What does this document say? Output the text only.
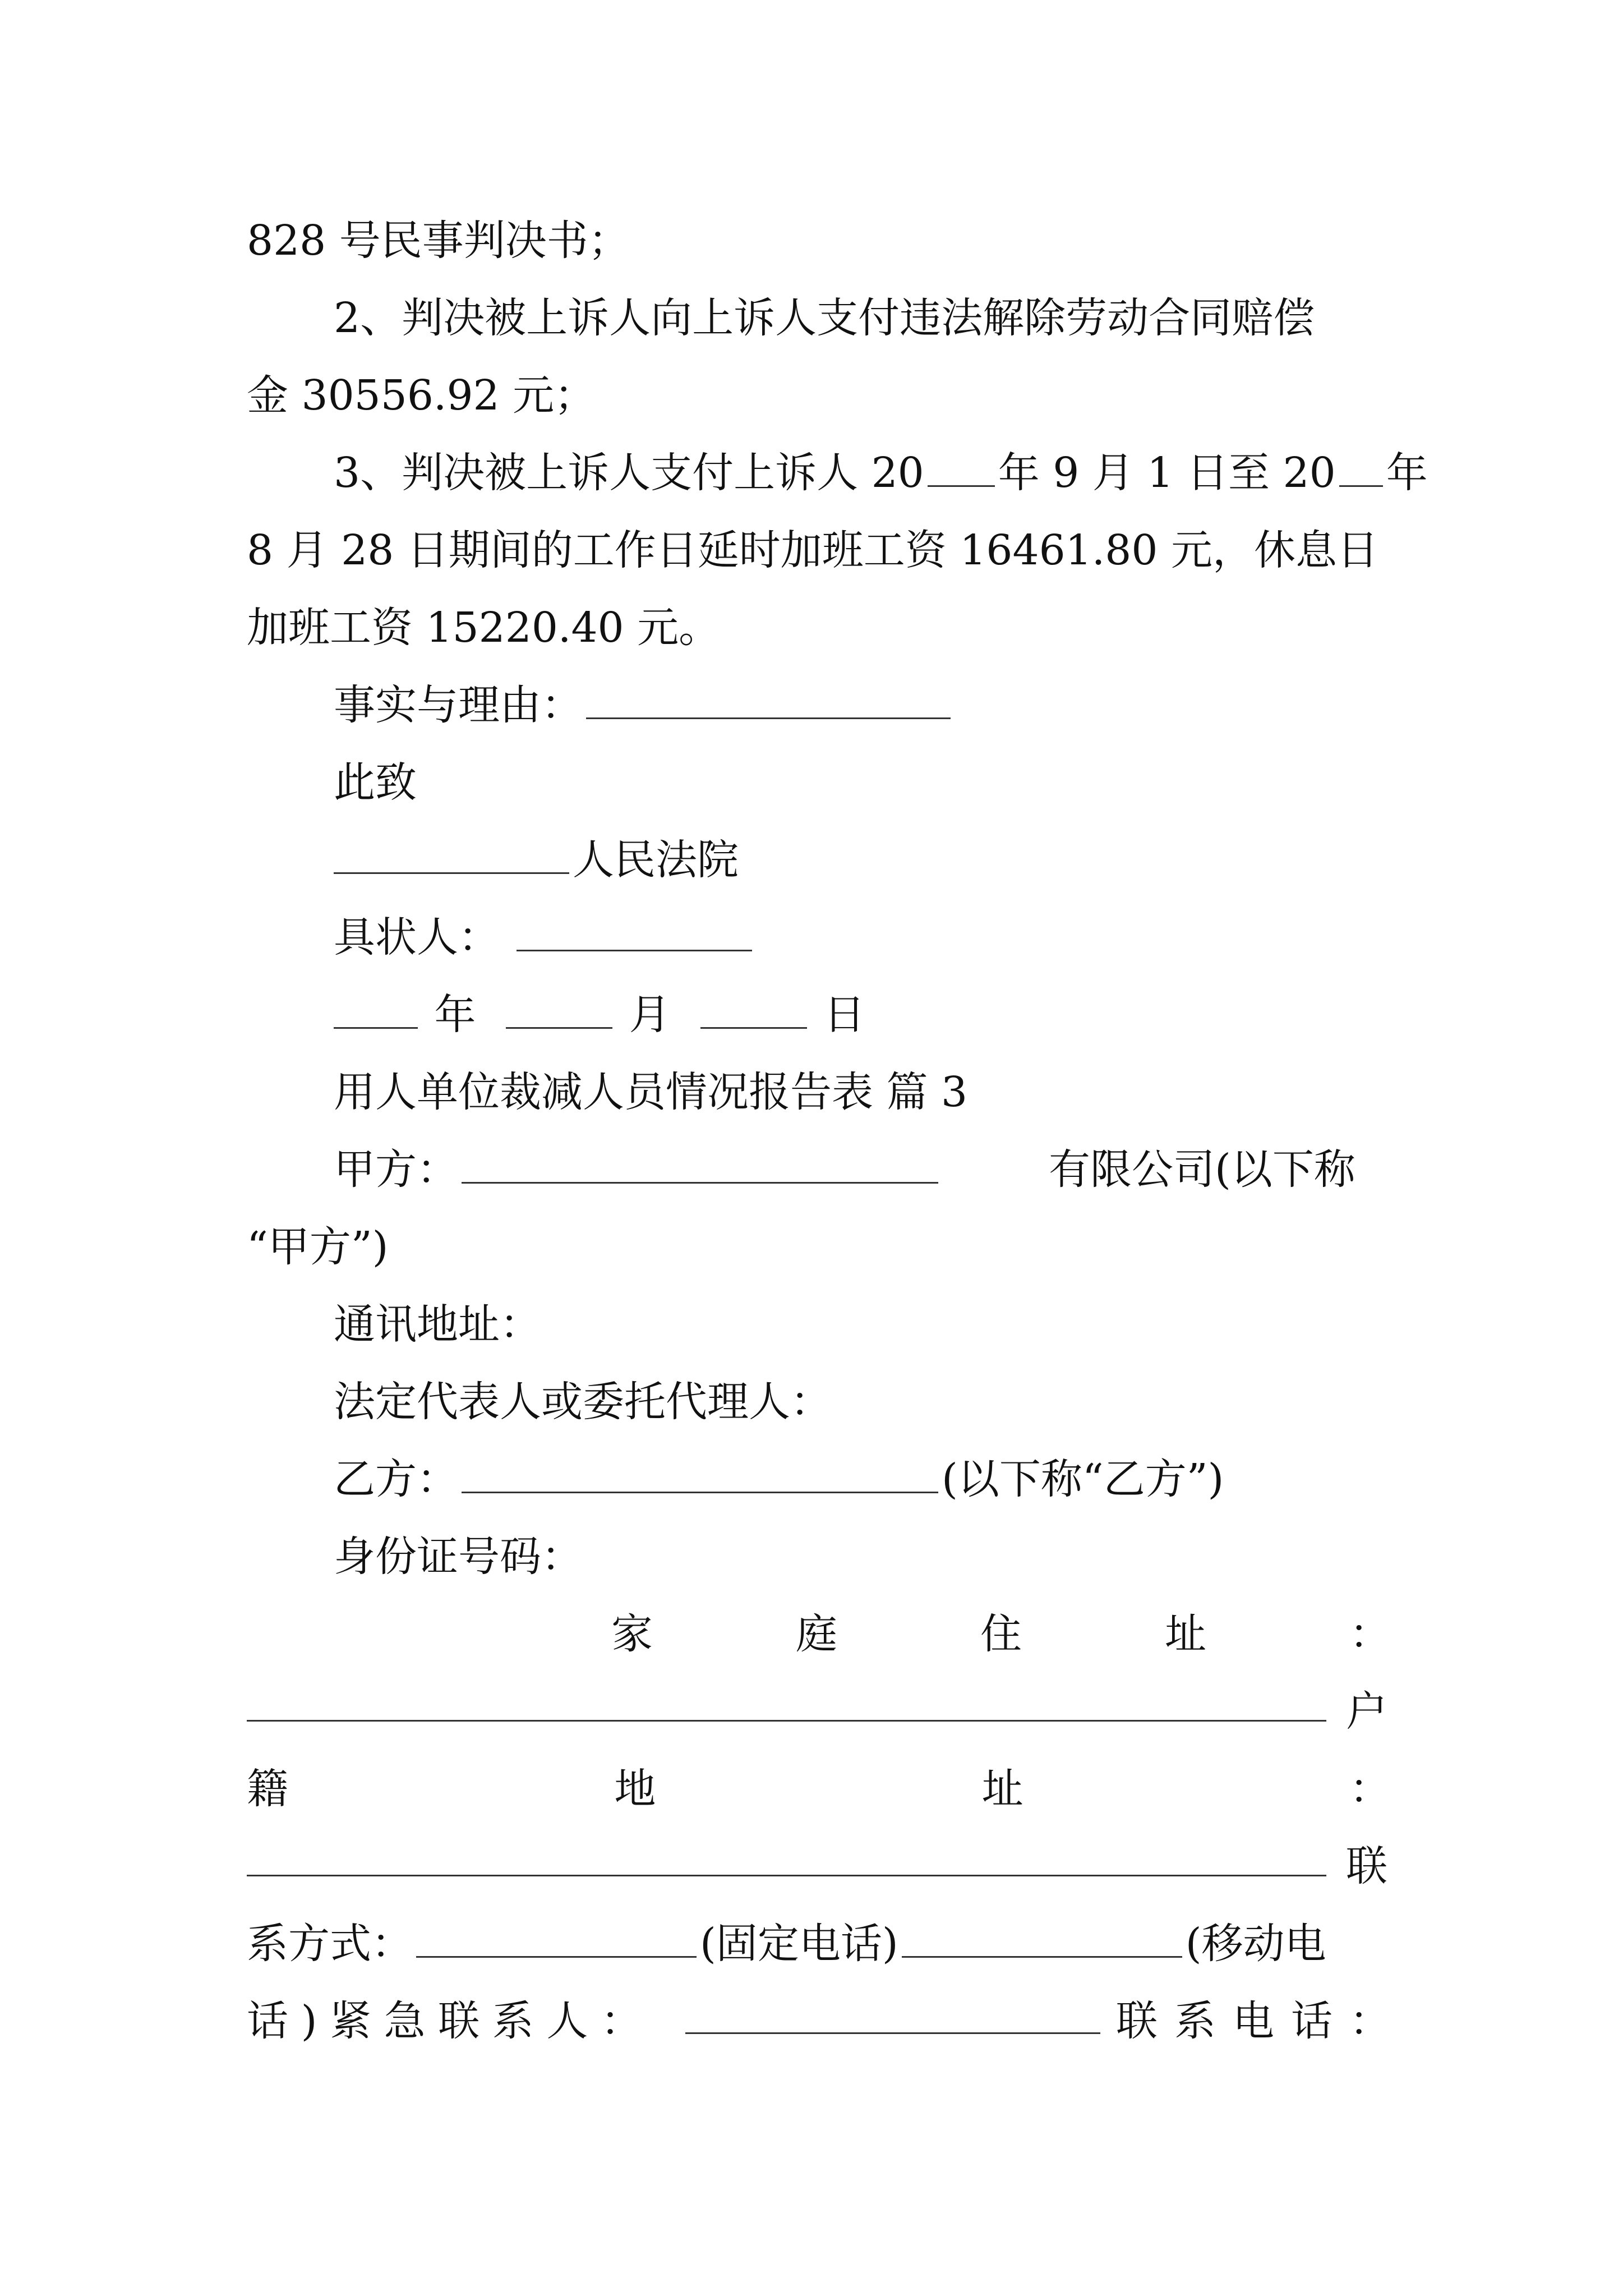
828 号民事判决书；
2、判决被上诉人向上诉人支付违法解除劳动合同赔偿
金 30556.92 元；
3、判决被上诉人支付上诉人 20 年 9 月 1 日至 20 年
8 月 28 日期间的工作日延时加班工资 16461.80 元，休息日
加班工资 15220.40 元。
事实与理由：
此致
人民法院
具状人：
年	月	日
用人单位裁减人员情况报告表 篇 3
甲方：	有限公司(以下称
“甲方”)
通讯地址：
法定代表人或委托代理人：
乙方：	(以下称“乙方”)
身份证号码：
家	庭	住	址	：
户
籍	地	址	：
联
系方式：	(固定电话)	(移动电
话 ) 紧 急 联 系 人 ：	联 系 电 话 ：
